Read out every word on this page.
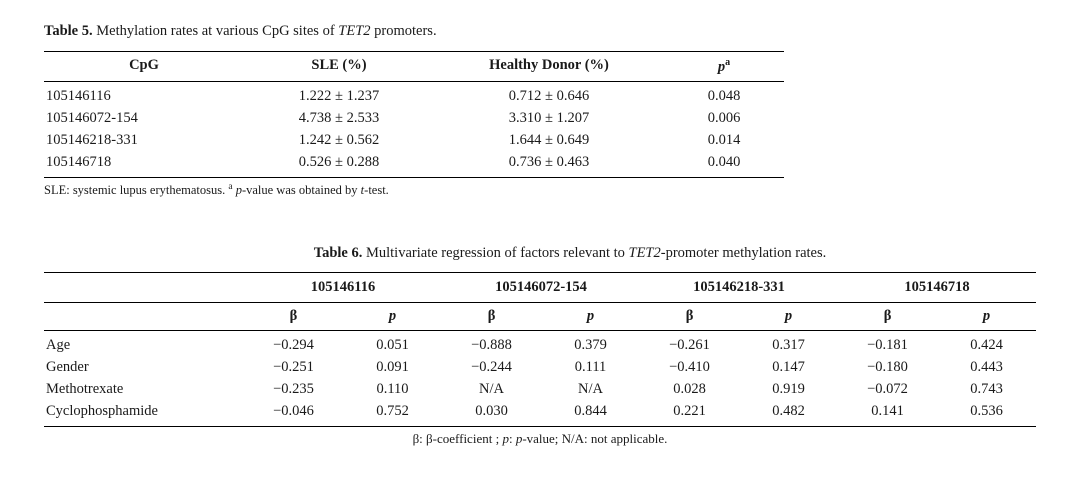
Table 5. Methylation rates at various CpG sites of TET2 promoters.
CpG	SLE (%)	Healthy Donor (%)	$p^a$
105146116	1.222 ± 1.237	0.712 ± 0.646	0.048
105146072-154	4.738 ± 2.533	3.310 ± 1.207	0.006
105146218-331	1.242 ± 0.562	1.644 ± 0.649	0.014
105146718	0.526 ± 0.288	0.736 ± 0.463	0.040
SLE: systemic lupus erythematosus. $^a$ p-value was obtained by t-test.
Table 6. Multivariate regression of factors relevant to TET2-promoter methylation rates.
	105146116		105146072-154		105146218-331		105146718	
	β	p	β	p	β	p	β	p
Age	−0.294	0.051	−0.888	0.379	−0.261	0.317	−0.181	0.424
Gender	−0.251	0.091	−0.244	0.111	−0.410	0.147	−0.180	0.443
Methotrexate	−0.235	0.110	N/A	N/A	0.028	0.919	−0.072	0.743
Cyclophosphamide	−0.046	0.752	0.030	0.844	0.221	0.482	0.141	0.536
β: β-coefficient ; p: p-value; N/A: not applicable.
